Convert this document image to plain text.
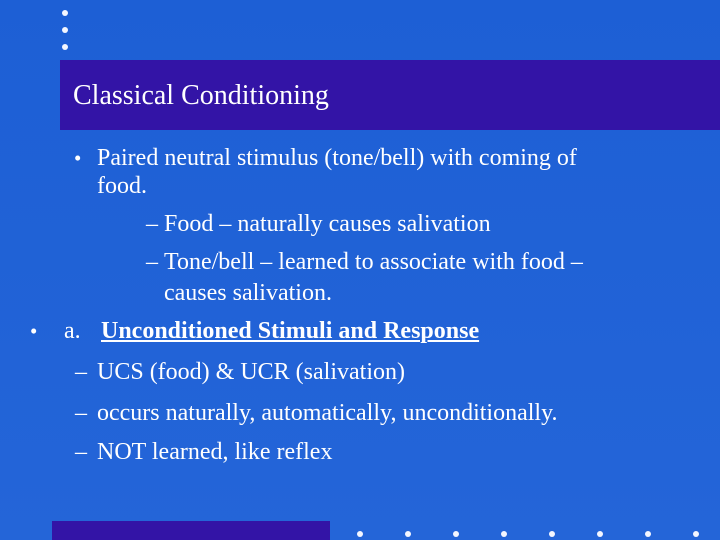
Classical Conditioning
• Paired neutral stimulus (tone/bell) with coming of
food.
– Food – naturally causes salivation
– Tone/bell – learned to associate with food –
causes salivation.
• a. Unconditioned Stimuli and Response
– UCS (food) & UCR (salivation)
– occurs naturally, automatically, unconditionally.
– NOT learned, like reflex
